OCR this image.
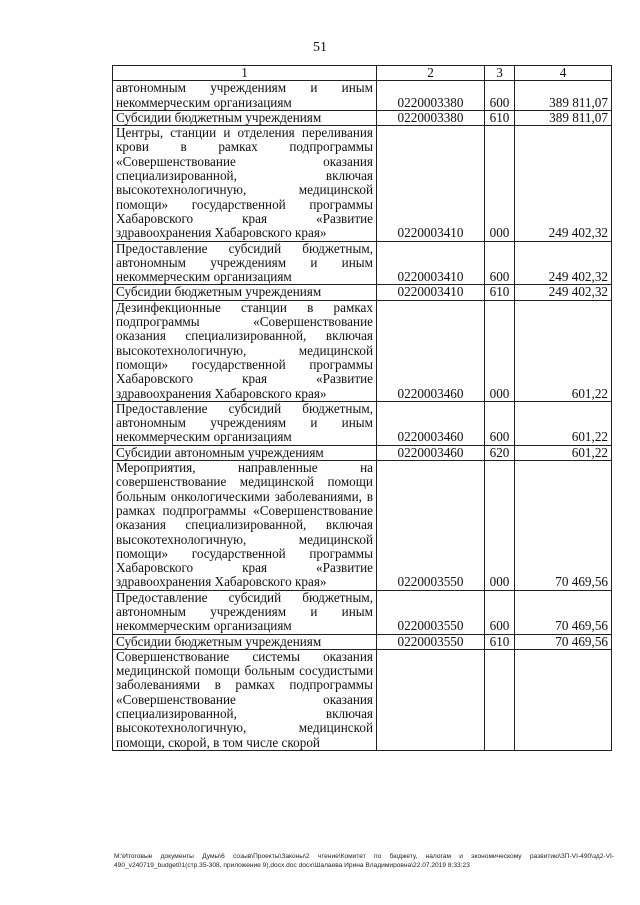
51
1	2	3	4
автономным учреждениям и иным некоммерческим организациям	0220003380	600	389 811,07
Субсидии бюджетным учреждениям	0220003380	610	389 811,07
Центры, станции и отделения переливания крови в рамках подпрограммы «Совершенствование оказания специализированной, включая высокотехнологичную, медицинской помощи» государственной программы Хабаровского края «Развитие здравоохранения Хабаровского края»	0220003410	000	249 402,32
Предоставление субсидий бюджетным, автономным учреждениям и иным некоммерческим организациям	0220003410	600	249 402,32
Субсидии бюджетным учреждениям	0220003410	610	249 402,32
Дезинфекционные станции в рамках подпрограммы «Совершенствование оказания специализированной, включая высокотехнологичную, медицинской помощи» государственной программы Хабаровского края «Развитие здравоохранения Хабаровского края»	0220003460	000	601,22
Предоставление субсидий бюджетным, автономным учреждениям и иным некоммерческим организациям	0220003460	600	601,22
Субсидии автономным учреждениям	0220003460	620	601,22
Мероприятия, направленные на совершенствование медицинской помощи больным онкологическими заболеваниями, в рамках подпрограммы «Совершенствование оказания специализированной, включая высокотехнологичную, медицинской помощи» государственной программы Хабаровского края «Развитие здравоохранения Хабаровского края»	0220003550	000	70 469,56
Предоставление субсидий бюджетным, автономным учреждениям и иным некоммерческим организациям	0220003550	600	70 469,56
Субсидии бюджетным учреждениям	0220003550	610	70 469,56
Совершенствование системы оказания медицинской помощи больным сосудистыми заболеваниями в рамках подпрограммы «Совершенствование оказания специализированной, включая высокотехнологичную, медицинской помощи, скорой, в том числе скорой			
M:\Итоговые документы Думы\6 созыв\Проекты\Законы\2 чтение\Комитет по бюджету, налогам и экономическому развитию\ЗП-VI-490\зд2-VI-490_v240719_budget01(стр.35-308, приложение 9).docx.doc docx\Шалаева Ирина Владимировна\22.07.2019 8:33:23
